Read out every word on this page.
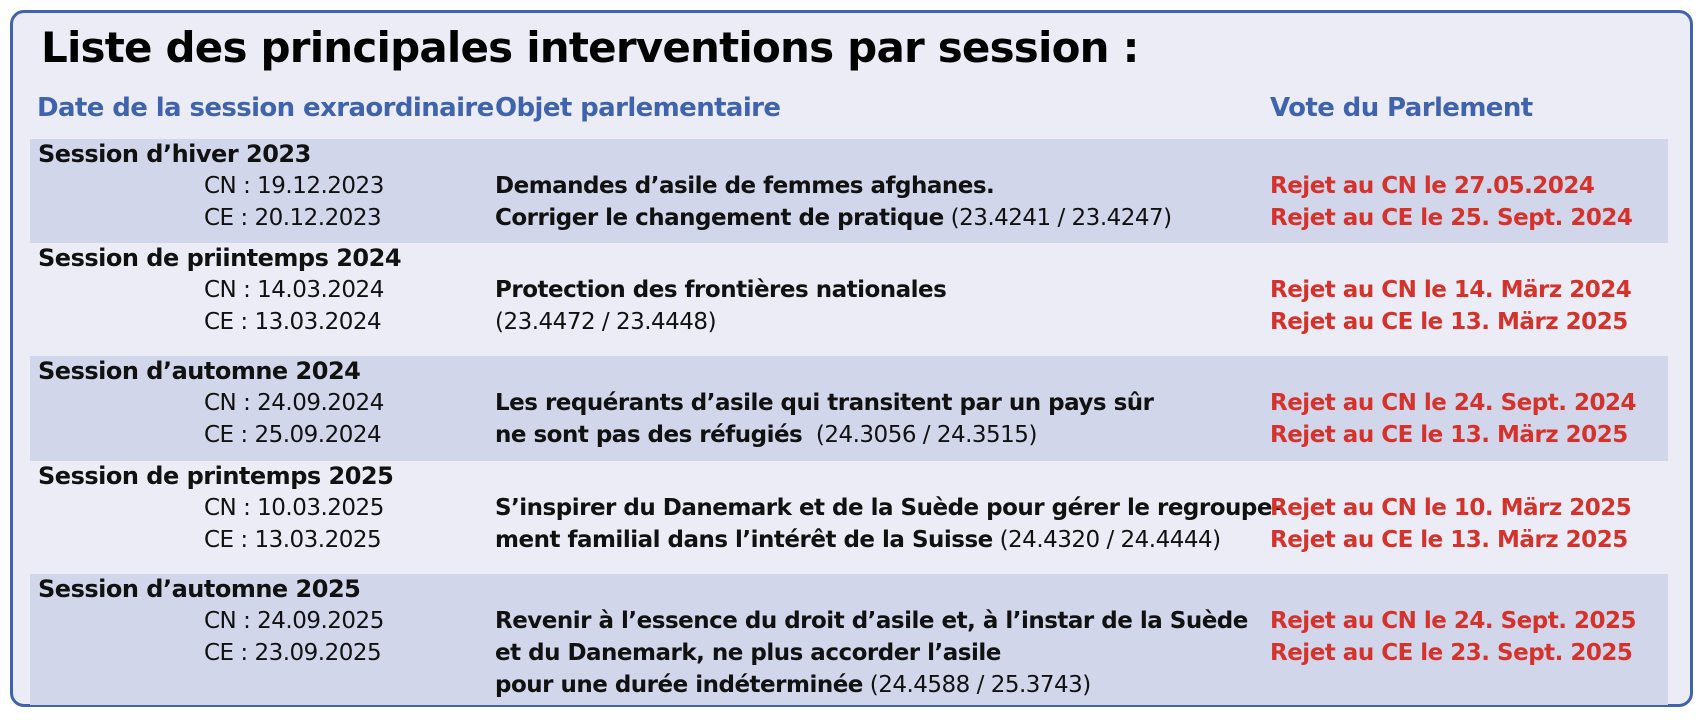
Liste des principales interventions par session :
Date de la session exraordinaire Objet parlementaire	Vote du Parlement
Session d’hiver 2023
CN : 19.12.2023
CE : 20.12.2023
Demandes d’asile de femmes afghanes.
Corriger le changement de pratique (23.4241 / 23.4247)
Rejet au CN le 27.05.2024
Rejet au CE le 25. Sept. 2024
Session de priintemps 2024
CN : 14.03.2024
CE : 13.03.2024
Protection des frontières nationales
(23.4472 / 23.4448)
Rejet au CN le 14. März 2024
Rejet au CE le 13. März 2025
Session d’automne 2024
CN : 24.09.2024
CE : 25.09.2024
Les requérants d’asile qui transitent par un pays sûr
ne sont pas des réfugiés  (24.3056 / 24.3515)
Rejet au CN le 24. Sept. 2024
Rejet au CE le 13. März 2025
Session de printemps 2025
CN : 10.03.2025
CE : 13.03.2025
S’inspirer du Danemark et de la Suède pour gérer le regroupe-
ment familial dans l’intérêt de la Suisse (24.4320 / 24.4444)
Rejet au CN le 10. März 2025
Rejet au CE le 13. März 2025
Session d’automne 2025
CN : 24.09.2025
CE : 23.09.2025
Revenir à l’essence du droit d’asile et, à l’instar de la Suède
et du Danemark, ne plus accorder l’asile
pour une durée indéterminée (24.4588 / 25.3743)
Rejet au CN le 24. Sept. 2025
Rejet au CE le 23. Sept. 2025
